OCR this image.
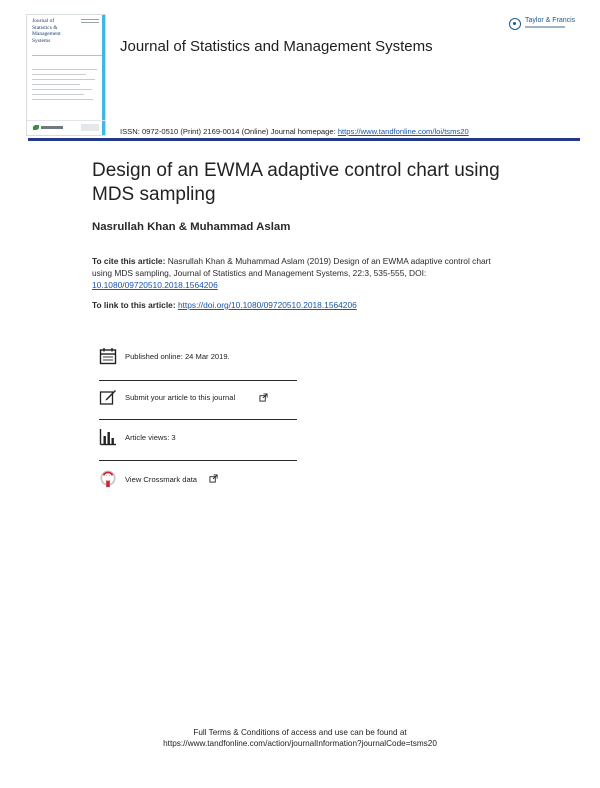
Journal of Statistics & Management Systems	Journal of Statistics and Management Systems
Taylor & Francis
ISSN: 0972-0510 (Print) 2169-0014 (Online) Journal homepage: https://www.tandfonline.com/loi/tsms20
Design of an EWMA adaptive control chart using MDS sampling
Nasrullah Khan & Muhammad Aslam
To cite this article: Nasrullah Khan & Muhammad Aslam (2019) Design of an EWMA adaptive control chart using MDS sampling, Journal of Statistics and Management Systems, 22:3, 535-555, DOI: 10.1080/09720510.2018.1564206
To link to this article: https://doi.org/10.1080/09720510.2018.1564206
Published online: 24 Mar 2019.
Submit your article to this journal
Article views: 3
View Crossmark data
Full Terms & Conditions of access and use can be found at
https://www.tandfonline.com/action/journalInformation?journalCode=tsms20
